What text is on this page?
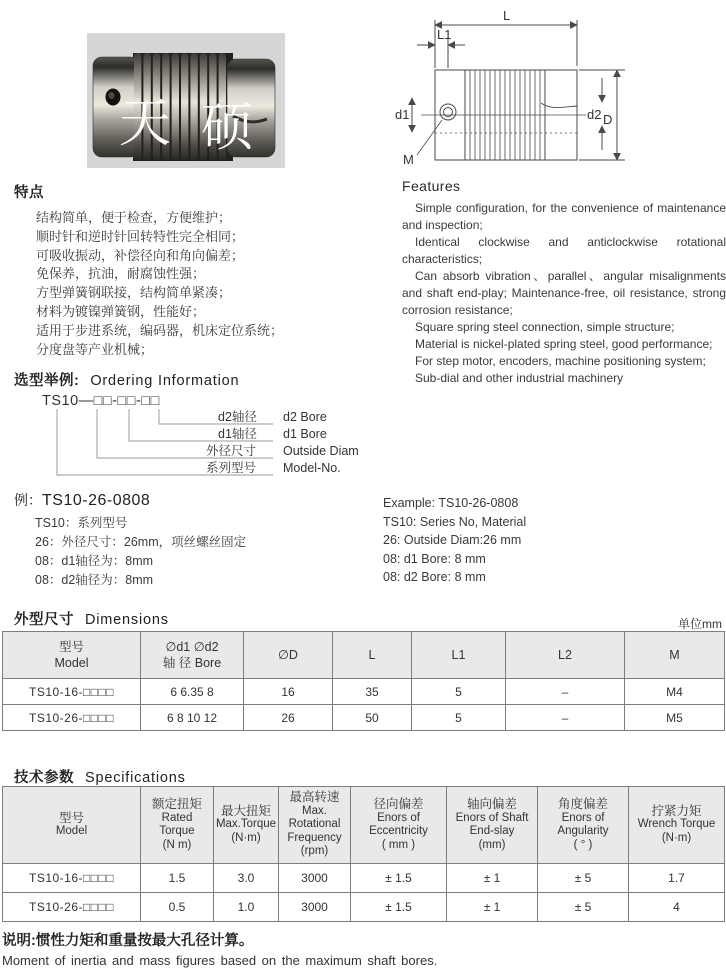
天 硕
L
L1
d1	d2 D
M
特点
结构简单，便于检查，方便维护；
顺时针和逆时针回转特性完全相同；
可吸收振动，补偿径向和角向偏差；
免保养，抗油，耐腐蚀性强；
方型弹簧钢联接，结构简单紧凑；
材料为镀镍弹簧钢，性能好；
适用于步进系统，编码器，机床定位系统；
分度盘等产业机械；
Features

Simple configuration, for the convenience of maintenance and inspection;

Identical clockwise and anticlockwise rotational characteristics;

Can absorb vibration、parallel、angular misalignments and shaft end-play; Maintenance-free, oil resistance, strong corrosion resistance;

Square spring steel connection, simple structure;

Material is nickel-plated spring steel, good performance;

For step motor, encoders, machine positioning system;

Sub-dial and other industrial machinery

选型举例: Ordering Information
TS10—□□-□□-□□
d2轴径
d1轴径
外径尺寸
系列型号
d2 Bore
d1 Bore
Outside Diam
Model-No.
例：TS10-26-0808
TS10：系列型号
26：外径尺寸：26mm，项丝螺丝固定
08：d1轴径为：8mm
08：d2轴径为：8mm
Example: TS10-26-0808
TS10: Series No, Material
26: Outside Diam:26 mm
08: d1 Bore: 8 mm
08: d2 Bore: 8 mm
外型尺寸 Dimensions	单位mm
型号
Model

∅d1 ∅d2
轴 径 Bore
	∅D	L	L1	L2	M
TS10-16-□□□□	6 6.35 8	16	35	5	–	M4
TS10-26-□□□□	6 8 10 12	26	50	5	–	M5
技术参数 Specifications
型号
Model

额定扭矩
Rated
Torque
(N m)

最大扭矩
Max.Torque
(N·m)

最高转速
Max.
Rotational
Frequency
(rpm)

径向偏差
Enors of
Eccentricity
( mm )

轴向偏差
Enors of Shaft
End-slay
(mm)

角度偏差
Enors of
Angularity
( ° )

拧紧力矩
Wrench Torque
(N·m)

TS10-16-□□□□	1.5	3.0	3000	± 1.5	± 1	± 5	1.7
TS10-26-□□□□	0.5	1.0	3000	± 1.5	± 1	± 5	4
说明:惯性力矩和重量按最大孔径计算。
Moment of inertia and mass figures based on the maximum shaft bores.
